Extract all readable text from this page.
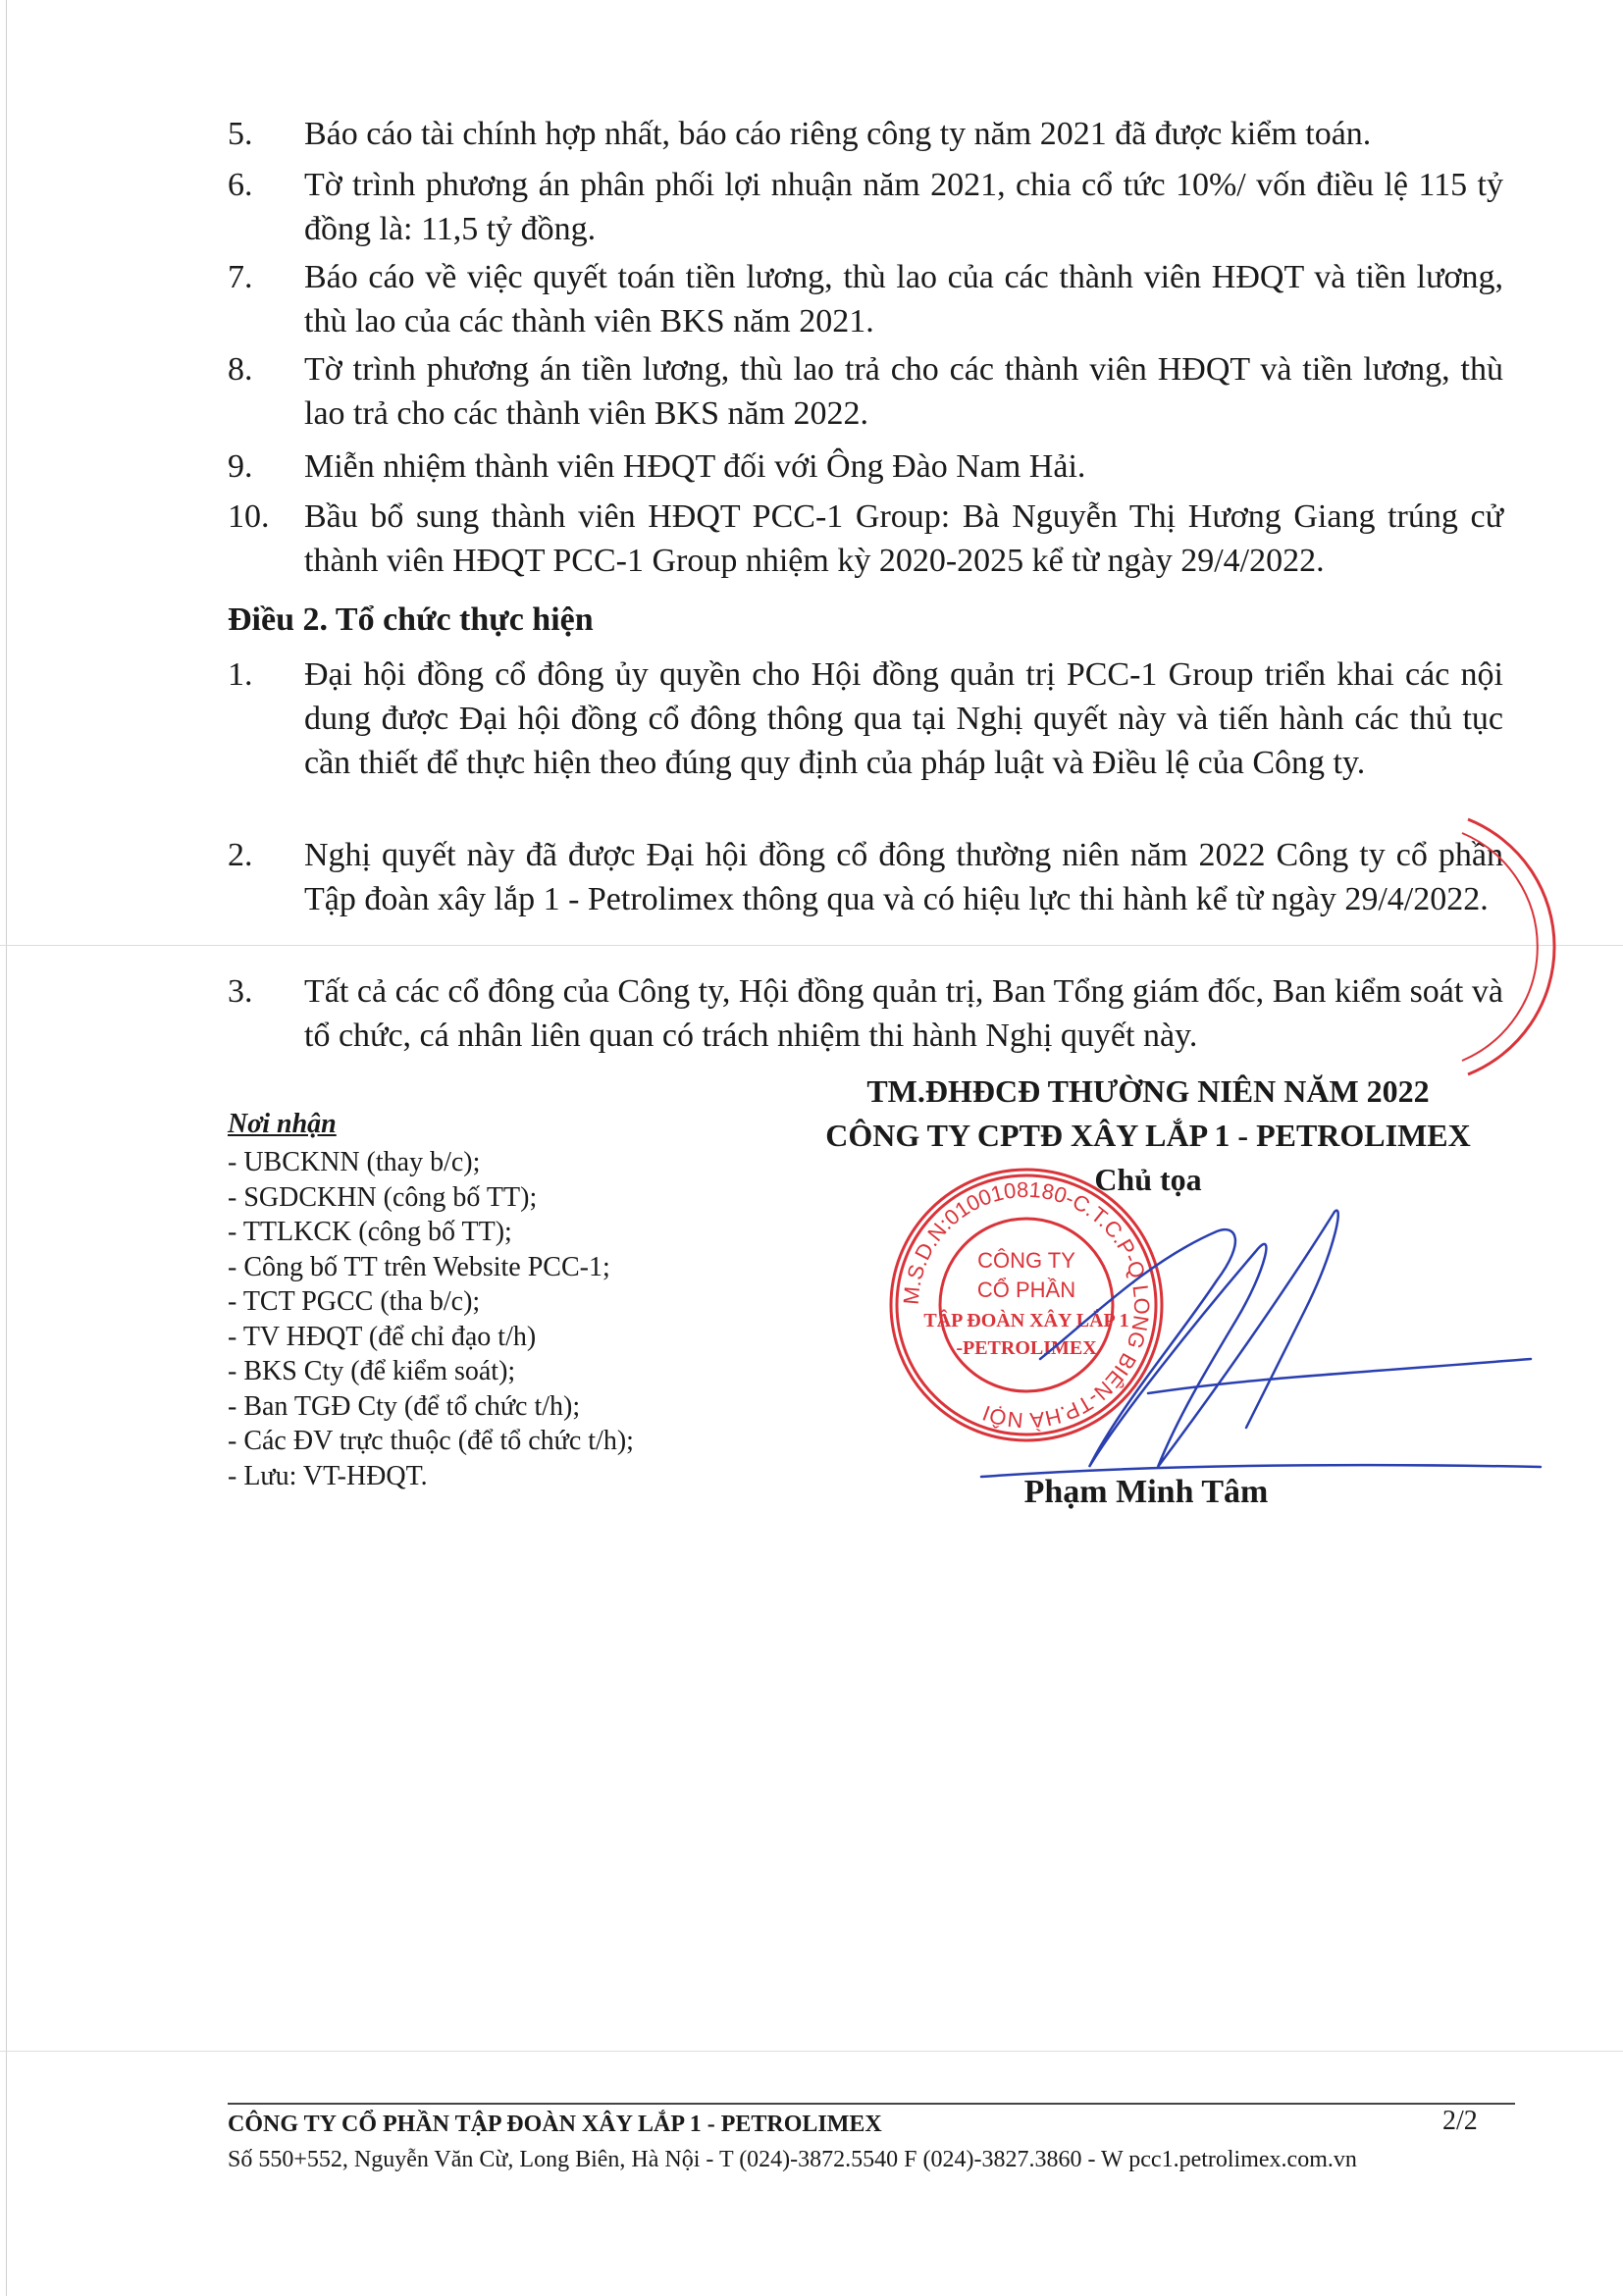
5. Báo cáo tài chính hợp nhất, báo cáo riêng công ty năm 2021 đã được kiểm toán.
6. Tờ trình phương án phân phối lợi nhuận năm 2021, chia cổ tức 10%/ vốn điều lệ 115 tỷ đồng là: 11,5 tỷ đồng.
7. Báo cáo về việc quyết toán tiền lương, thù lao của các thành viên HĐQT và tiền lương, thù lao của các thành viên BKS năm 2021.
8. Tờ trình phương án tiền lương, thù lao trả cho các thành viên HĐQT và tiền lương, thù lao trả cho các thành viên BKS năm 2022.
9. Miễn nhiệm thành viên HĐQT đối với Ông Đào Nam Hải.
10. Bầu bổ sung thành viên HĐQT PCC-1 Group: Bà Nguyễn Thị Hương Giang trúng cử thành viên HĐQT PCC-1 Group nhiệm kỳ 2020-2025 kể từ ngày 29/4/2022.
Điều 2. Tổ chức thực hiện
1. Đại hội đồng cổ đông ủy quyền cho Hội đồng quản trị PCC-1 Group triển khai các nội dung được Đại hội đồng cổ đông thông qua tại Nghị quyết này và tiến hành các thủ tục cần thiết để thực hiện theo đúng quy định của pháp luật và Điều lệ của Công ty.
2. Nghị quyết này đã được Đại hội đồng cổ đông thường niên năm 2022 Công ty cổ phần Tập đoàn xây lắp 1 - Petrolimex thông qua và có hiệu lực thi hành kể từ ngày 29/4/2022.
3. Tất cả các cổ đông của Công ty, Hội đồng quản trị, Ban Tổng giám đốc, Ban kiểm soát và tổ chức, cá nhân liên quan có trách nhiệm thi hành Nghị quyết này.
Nơi nhận
- UBCKNN (thay b/c);
- SGDCKHN (công bố TT);
- TTLKCK (công bố TT);
- Công bố TT trên Website PCC-1;
- TCT PGCC (tha b/c);
- TV HĐQT (để chỉ đạo t/h)
- BKS Cty (để kiểm soát);
- Ban TGĐ Cty (để tổ chức t/h);
- Các ĐV trực thuộc (để tổ chức t/h);
- Lưu: VT-HĐQT.
TM.ĐHĐCĐ THƯỜNG NIÊN NĂM 2022
CÔNG TY CPTĐ XÂY LẮP 1 - PETROLIMEX
Chủ tọa
M.S.D.N:0100108180-C.T.C.P-Q.LONG BIÊN-TP.HÀ NỘI
CÔNG TY
CỔ PHẦN
TẬP ĐOÀN XÂY LẮP 1
-PETROLIMEX
Phạm Minh Tâm
CÔNG TY CỔ PHẦN TẬP ĐOÀN XÂY LẮP 1 - PETROLIMEX	2/2
Số 550+552, Nguyễn Văn Cừ, Long Biên, Hà Nội - T (024)-3872.5540 F (024)-3827.3860 - W pcc1.petrolimex.com.vn
